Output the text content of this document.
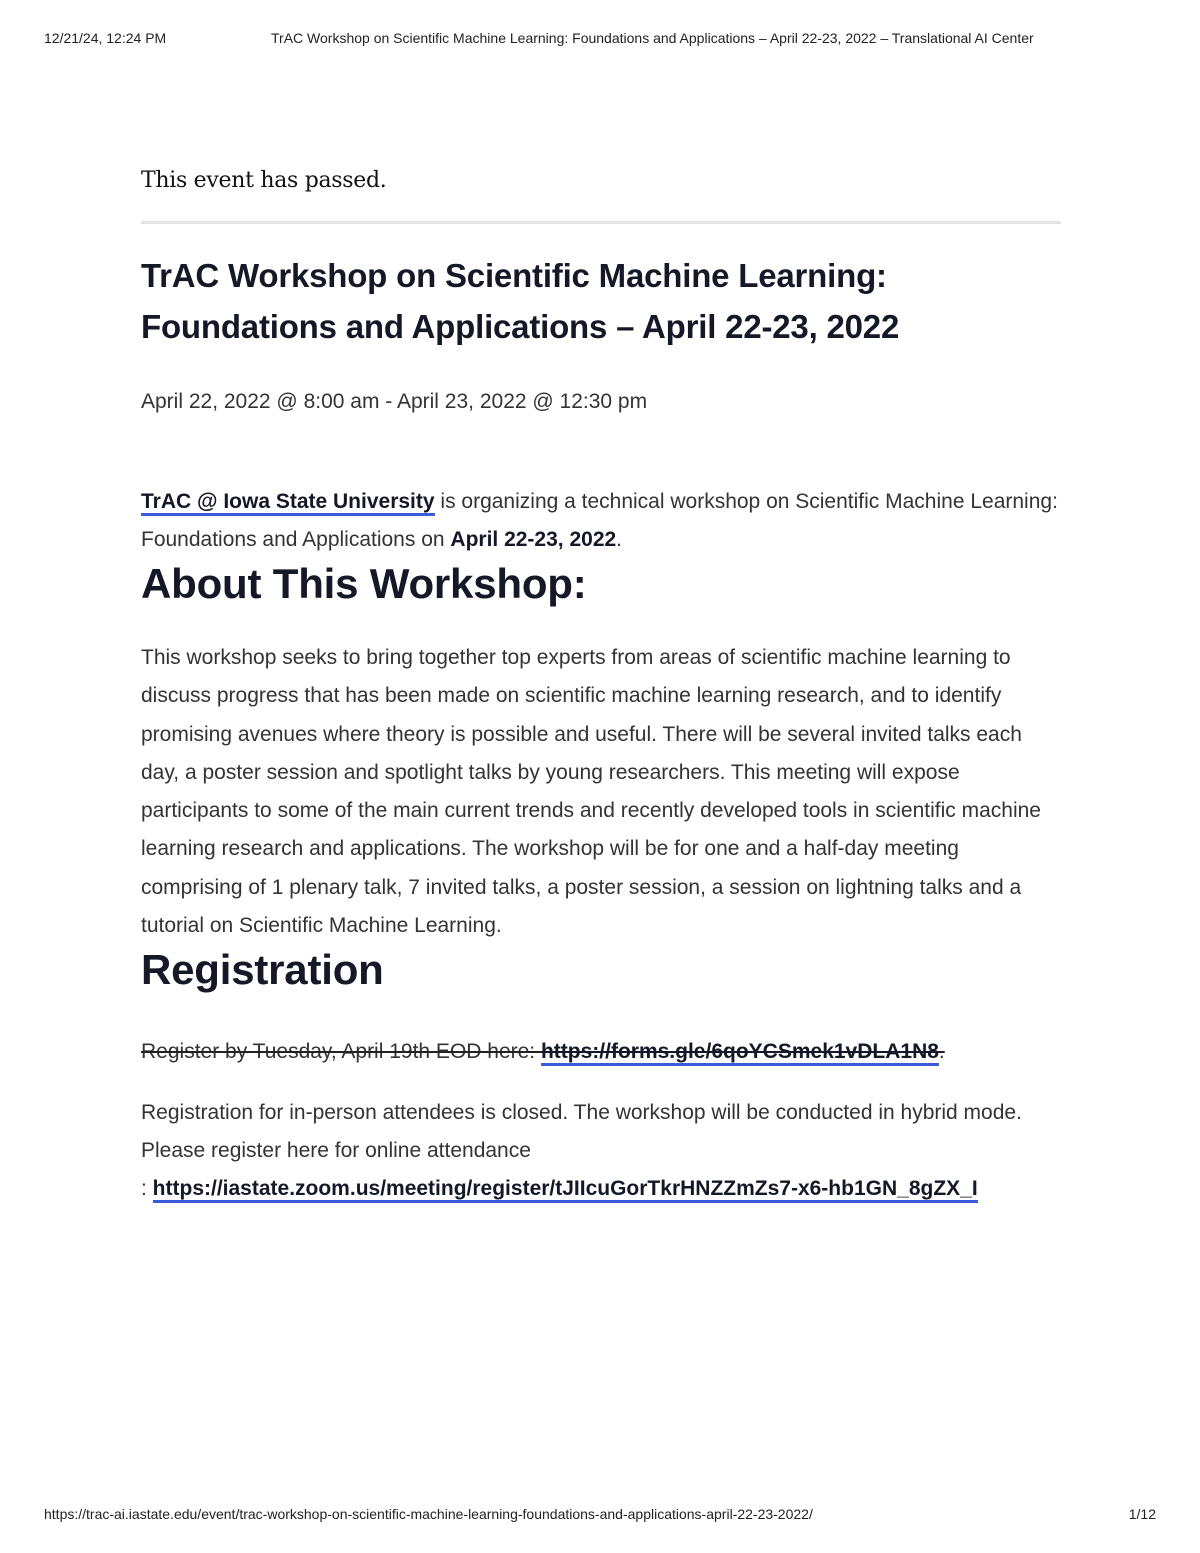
12/21/24, 12:24 PM	TrAC Workshop on Scientific Machine Learning: Foundations and Applications – April 22-23, 2022 – Translational AI Center

This event has passed.

TrAC Workshop on Scientific Machine Learning: Foundations and Applications – April 22-23, 2022
April 22, 2022 @ 8:00 am - April 23, 2022 @ 12:30 pm

TrAC @ Iowa State University is organizing a technical workshop on Scientific Machine Learning: Foundations and Applications on April 22-23, 2022.

About This Workshop:

This workshop seeks to bring together top experts from areas of scientific machine learning to discuss progress that has been made on scientific machine learning research, and to identify promising avenues where theory is possible and useful. There will be several invited talks each day, a poster session and spotlight talks by young researchers. This meeting will expose participants to some of the main current trends and recently developed tools in scientific machine learning research and applications. The workshop will be for one and a half-day meeting comprising of 1 plenary talk, 7 invited talks, a poster session, a session on lightning talks and a tutorial on Scientific Machine Learning.

Registration

Register by Tuesday, April 19th EOD here: https://forms.gle/6qoYCSmek1vDLA1N8.

Registration for in-person attendees is closed. The workshop will be conducted in hybrid mode. Please register here for online attendance
: https://iastate.zoom.us/meeting/register/tJIIcuGorTkrHNZZmZs7-x6-hb1GN_8gZX_I

https://trac-ai.iastate.edu/event/trac-workshop-on-scientific-machine-learning-foundations-and-applications-april-22-23-2022/	1/12
